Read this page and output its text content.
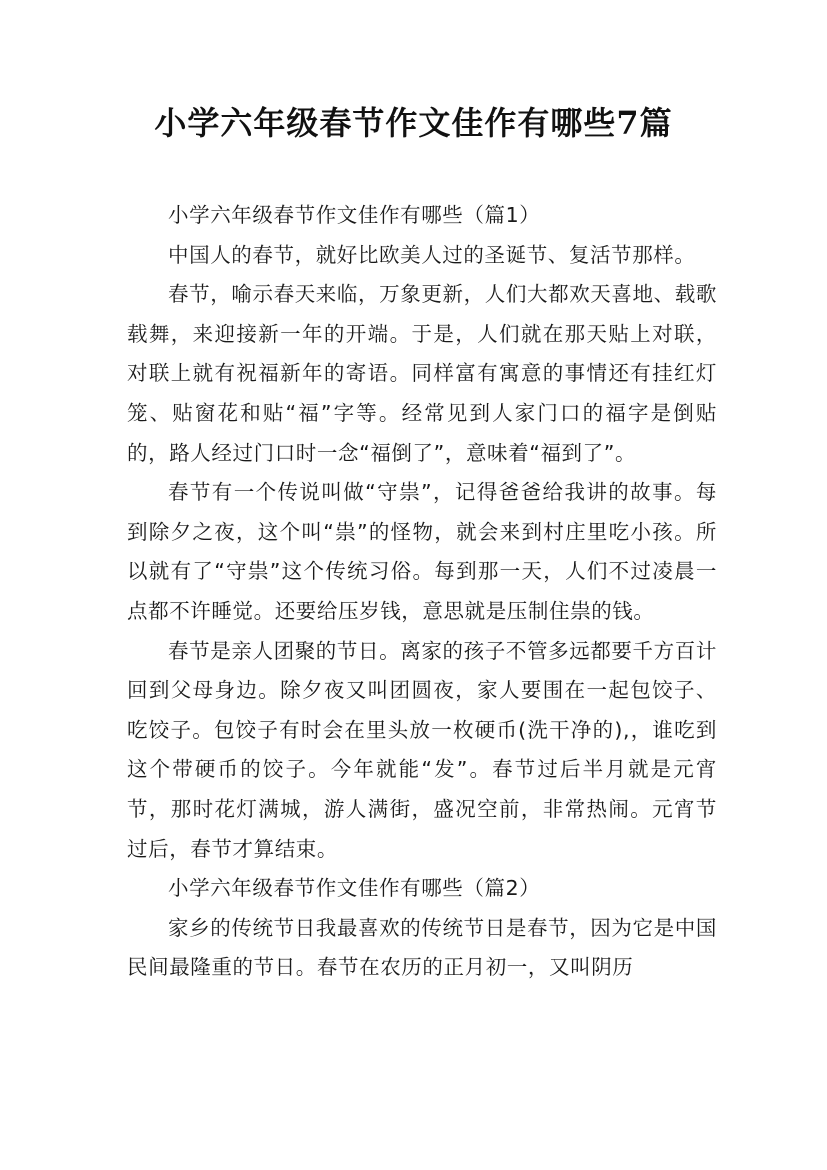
小学六年级春节作文佳作有哪些7篇

小学六年级春节作文佳作有哪些（篇1）

中国人的春节，就好比欧美人过的圣诞节、复活节那样。

春节，喻示春天来临，万象更新，人们大都欢天喜地、载歌载舞，来迎接新一年的开端。于是，人们就在那天贴上对联，对联上就有祝福新年的寄语。同样富有寓意的事情还有挂红灯笼、贴窗花和贴“福”字等。经常见到人家门口的福字是倒贴的，路人经过门口时一念“福倒了”，意味着“福到了”。

春节有一个传说叫做“守祟”，记得爸爸给我讲的故事。每到除夕之夜，这个叫“祟”的怪物，就会来到村庄里吃小孩。所以就有了“守祟”这个传统习俗。每到那一天，人们不过凌晨一点都不许睡觉。还要给压岁钱，意思就是压制住祟的钱。

春节是亲人团聚的节日。离家的孩子不管多远都要千方百计回到父母身边。除夕夜又叫团圆夜，家人要围在一起包饺子、吃饺子。包饺子有时会在里头放一枚硬币(洗干净的),，谁吃到这个带硬币的饺子。今年就能“发”。春节过后半月就是元宵节，那时花灯满城，游人满街，盛况空前，非常热闹。元宵节过后，春节才算结束。

小学六年级春节作文佳作有哪些（篇2）

家乡的传统节日我最喜欢的传统节日是春节，因为它是中国民间最隆重的节日。春节在农历的正月初一，又叫阴历
